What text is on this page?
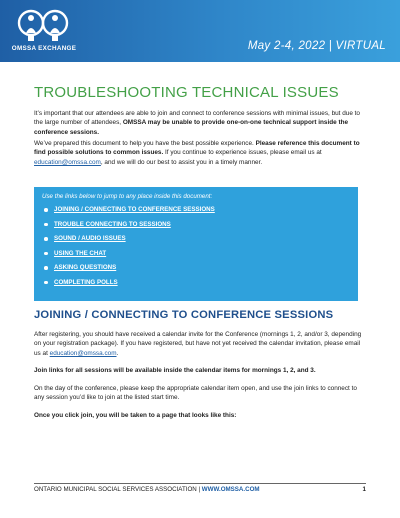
OMSSA EXCHANGE	May 2-4, 2022 | VIRTUAL
TROUBLESHOOTING TECHNICAL ISSUES

It’s important that our attendees are able to join and connect to conference sessions with minimal issues, but due to the large number of attendees, OMSSA may be unable to provide one-on-one technical support inside the conference sessions.

We’ve prepared this document to help you have the best possible experience. Please reference this document to find possible solutions to common issues. If you continue to experience issues, please email us at education@omssa.com, and we will do our best to assist you in a timely manner.

Use the links below to jump to any place inside this document:

JOINING / CONNECTING TO CONFERENCE SESSIONS
TROUBLE CONNECTING TO SESSIONS
SOUND / AUDIO ISSUES
USING THE CHAT
ASKING QUESTIONS
COMPLETING POLLS
JOINING / CONNECTING TO CONFERENCE SESSIONS

After registering, you should have received a calendar invite for the Conference (mornings 1, 2, and/or 3, depending on your registration package). If you have registered, but have not yet received the calendar invitation, please email us at education@omssa.com.

Join links for all sessions will be available inside the calendar items for mornings 1, 2, and 3.

On the day of the conference, please keep the appropriate calendar item open, and use the join links to connect to any session you’d like to join at the listed start time.

Once you click join, you will be taken to a page that looks like this:

ONTARIO MUNICIPAL SOCIAL SERVICES ASSOCIATION | WWW.OMSSA.COM	1
